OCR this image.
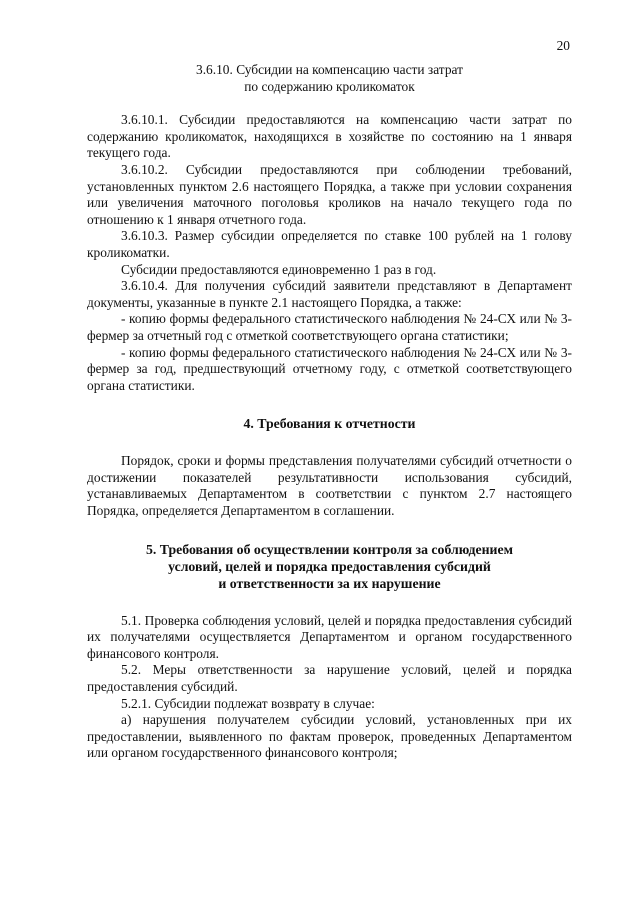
20
3.6.10. Субсидии на компенсацию части затрат
по содержанию кроликоматок

3.6.10.1. Субсидии предоставляются на компенсацию части затрат по содержанию кроликоматок, находящихся в хозяйстве по состоянию на 1 января текущего года.

3.6.10.2. Субсидии предоставляются при соблюдении требований, установленных пунктом 2.6 настоящего Порядка, а также при условии сохранения или увеличения маточного поголовья кроликов на начало текущего года по отношению к 1 января отчетного года.

3.6.10.3. Размер субсидии определяется по ставке 100 рублей на 1 голову кроликоматки.

Субсидии предоставляются единовременно 1 раз в год.

3.6.10.4. Для получения субсидий заявители представляют в Департамент документы, указанные в пункте 2.1 настоящего Порядка, а также:

- копию формы федерального статистического наблюдения № 24-СХ или № 3-фермер за отчетный год с отметкой соответствующего органа статистики;

- копию формы федерального статистического наблюдения № 24-СХ или № 3-фермер за год, предшествующий отчетному году, с отметкой соответствующего органа статистики.

4. Требования к отчетности

Порядок, сроки и формы представления получателями субсидий отчетности о достижении показателей результативности использования субсидий, устанавливаемых Департаментом в соответствии с пунктом 2.7 настоящего Порядка, определяется Департаментом в соглашении.

5. Требования об осуществлении контроля за соблюдением
условий, целей и порядка предоставления субсидий
и ответственности за их нарушение

5.1. Проверка соблюдения условий, целей и порядка предоставления субсидий их получателями осуществляется Департаментом и органом государственного финансового контроля.

5.2. Меры ответственности за нарушение условий, целей и порядка предоставления субсидий.

5.2.1. Субсидии подлежат возврату в случае:

а) нарушения получателем субсидии условий, установленных при их предоставлении, выявленного по фактам проверок, проведенных Департаментом или органом государственного финансового контроля;
